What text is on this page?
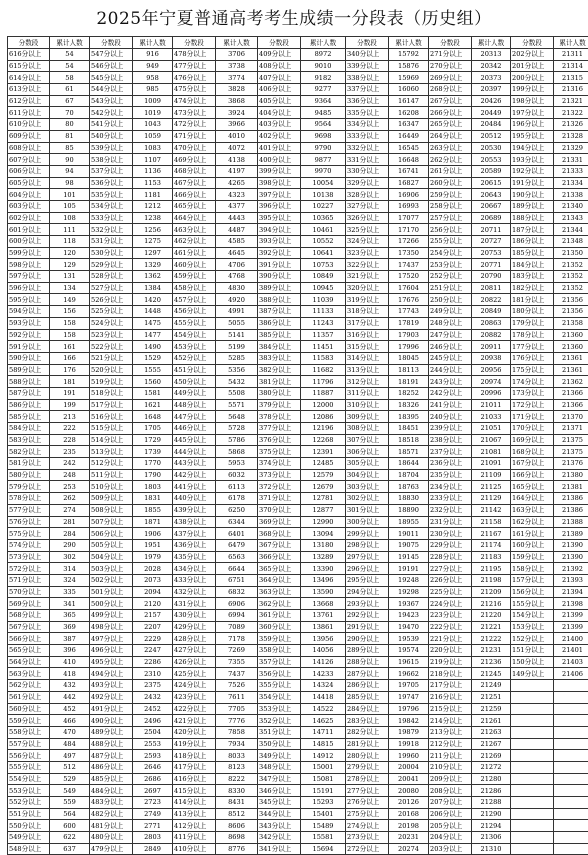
2025年宁夏普通高考考生成绩一分段表（历史组）
分数段	累计人数	分数段	累计人数	分数段	累计人数	分数段	累计人数	分数段	累计人数	分数段	累计人数	分数段	累计人数
616分以上	54	547分以上	916	478分以上	3706	409分以上	8972	340分以上	15792	271分以上	20313	202分以上	21311
615分以上	54	546分以上	949	477分以上	3738	408分以上	9010	339分以上	15876	270分以上	20342	201分以上	21314
614分以上	58	545分以上	958	476分以上	3774	407分以上	9182	338分以上	15969	269分以上	20373	200分以上	21315
613分以上	61	544分以上	985	475分以上	3828	406分以上	9277	337分以上	16060	268分以上	20397	199分以上	21316
612分以上	67	543分以上	1009	474分以上	3868	405分以上	9364	336分以上	16147	267分以上	20426	198分以上	21321
611分以上	70	542分以上	1019	473分以上	3924	404分以上	9485	335分以上	16208	266分以上	20449	197分以上	21322
610分以上	80	541分以上	1043	472分以上	3966	403分以上	9564	334分以上	16347	265分以上	20484	196分以上	21326
609分以上	81	540分以上	1059	471分以上	4010	402分以上	9698	333分以上	16449	264分以上	20512	195分以上	21328
608分以上	85	539分以上	1083	470分以上	4072	401分以上	9790	332分以上	16545	263分以上	20530	194分以上	21329
607分以上	90	538分以上	1107	469分以上	4138	400分以上	9877	331分以上	16648	262分以上	20553	193分以上	21331
606分以上	94	537分以上	1136	468分以上	4197	399分以上	9970	330分以上	16741	261分以上	20589	192分以上	21333
605分以上	98	536分以上	1153	467分以上	4265	398分以上	10054	329分以上	16827	260分以上	20615	191分以上	21334
604分以上	101	535分以上	1181	466分以上	4323	397分以上	10138	328分以上	16906	259分以上	20643	190分以上	21338
603分以上	105	534分以上	1212	465分以上	4377	396分以上	10227	327分以上	16993	258分以上	20667	189分以上	21340
602分以上	108	533分以上	1238	464分以上	4443	395分以上	10365	326分以上	17077	257分以上	20689	188分以上	21343
601分以上	111	532分以上	1256	463分以上	4487	394分以上	10461	325分以上	17170	256分以上	20711	187分以上	21344
600分以上	118	531分以上	1275	462分以上	4585	393分以上	10552	324分以上	17266	255分以上	20727	186分以上	21348
599分以上	120	530分以上	1297	461分以上	4645	392分以上	10641	323分以上	17350	254分以上	20753	185分以上	21350
598分以上	129	529分以上	1329	460分以上	4706	391分以上	10753	322分以上	17437	253分以上	20771	184分以上	21352
597分以上	131	528分以上	1362	459分以上	4768	390分以上	10849	321分以上	17520	252分以上	20790	183分以上	21352
596分以上	134	527分以上	1384	458分以上	4830	389分以上	10945	320分以上	17604	251分以上	20811	182分以上	21352
595分以上	149	526分以上	1420	457分以上	4920	388分以上	11039	319分以上	17676	250分以上	20822	181分以上	21356
594分以上	156	525分以上	1448	456分以上	4991	387分以上	11133	318分以上	17743	249分以上	20849	180分以上	21356
593分以上	158	524分以上	1475	455分以上	5055	386分以上	11243	317分以上	17819	248分以上	20863	179分以上	21358
592分以上	158	523分以上	1477	454分以上	5141	385分以上	11357	316分以上	17903	247分以上	20882	178分以上	21360
591分以上	161	522分以上	1490	453分以上	5199	384分以上	11451	315分以上	17996	246分以上	20911	177分以上	21360
590分以上	166	521分以上	1529	452分以上	5285	383分以上	11583	314分以上	18045	245分以上	20938	176分以上	21361
589分以上	176	520分以上	1555	451分以上	5356	382分以上	11682	313分以上	18113	244分以上	20956	175分以上	21361
588分以上	181	519分以上	1560	450分以上	5432	381分以上	11796	312分以上	18191	243分以上	20974	174分以上	21362
587分以上	191	518分以上	1581	449分以上	5508	380分以上	11887	311分以上	18252	242分以上	20996	173分以上	21366
586分以上	199	517分以上	1621	448分以上	5571	379分以上	12000	310分以上	18326	241分以上	21011	172分以上	21366
585分以上	213	516分以上	1648	447分以上	5648	378分以上	12086	309分以上	18395	240分以上	21033	171分以上	21370
584分以上	222	515分以上	1705	446分以上	5728	377分以上	12196	308分以上	18451	239分以上	21051	170分以上	21371
583分以上	228	514分以上	1729	445分以上	5786	376分以上	12268	307分以上	18518	238分以上	21067	169分以上	21375
582分以上	235	513分以上	1739	444分以上	5868	375分以上	12391	306分以上	18571	237分以上	21081	168分以上	21375
581分以上	242	512分以上	1770	443分以上	5953	374分以上	12485	305分以上	18644	236分以上	21091	167分以上	21376
580分以上	248	511分以上	1790	442分以上	6032	373分以上	12579	304分以上	18704	235分以上	21109	166分以上	21380
579分以上	253	510分以上	1803	441分以上	6113	372分以上	12679	303分以上	18763	234分以上	21125	165分以上	21381
578分以上	262	509分以上	1831	440分以上	6178	371分以上	12781	302分以上	18830	233分以上	21129	164分以上	21386
577分以上	274	508分以上	1855	439分以上	6250	370分以上	12877	301分以上	18890	232分以上	21142	163分以上	21386
576分以上	281	507分以上	1871	438分以上	6344	369分以上	12990	300分以上	18955	231分以上	21158	162分以上	21388
575分以上	284	506分以上	1906	437分以上	6401	368分以上	13094	299分以上	19011	230分以上	21167	161分以上	21389
574分以上	290	505分以上	1951	436分以上	6479	367分以上	13180	298分以上	19075	229分以上	21174	160分以上	21390
573分以上	302	504分以上	1979	435分以上	6563	366分以上	13289	297分以上	19145	228分以上	21183	159分以上	21390
572分以上	314	503分以上	2028	434分以上	6644	365分以上	13390	296分以上	19191	227分以上	21195	158分以上	21392
571分以上	324	502分以上	2073	433分以上	6751	364分以上	13496	295分以上	19248	226分以上	21198	157分以上	21393
570分以上	335	501分以上	2094	432分以上	6832	363分以上	13590	294分以上	19298	225分以上	21209	156分以上	21394
569分以上	341	500分以上	2120	431分以上	6906	362分以上	13668	293分以上	19367	224分以上	21216	155分以上	21398
568分以上	365	499分以上	2157	430分以上	6994	361分以上	13761	292分以上	19423	223分以上	21220	154分以上	21399
567分以上	369	498分以上	2207	429分以上	7089	360分以上	13861	291分以上	19470	222分以上	21221	153分以上	21399
566分以上	387	497分以上	2229	428分以上	7178	359分以上	13956	290分以上	19539	221分以上	21222	152分以上	21400
565分以上	396	496分以上	2247	427分以上	7269	358分以上	14056	289分以上	19574	220分以上	21231	151分以上	21401
564分以上	410	495分以上	2286	426分以上	7355	357分以上	14126	288分以上	19615	219分以上	21236	150分以上	21403
563分以上	418	494分以上	2310	425分以上	7437	356分以上	14233	287分以上	19662	218分以上	21245	149分以上	21406
562分以上	432	493分以上	2375	424分以上	7526	355分以上	14324	286分以上	19705	217分以上	21249		
561分以上	442	492分以上	2432	423分以上	7611	354分以上	14418	285分以上	19747	216分以上	21251		
560分以上	452	491分以上	2452	422分以上	7705	353分以上	14522	284分以上	19796	215分以上	21259		
559分以上	466	490分以上	2496	421分以上	7776	352分以上	14625	283分以上	19842	214分以上	21261		
558分以上	470	489分以上	2504	420分以上	7858	351分以上	14711	282分以上	19879	213分以上	21263		
557分以上	484	488分以上	2553	419分以上	7934	350分以上	14815	281分以上	19918	212分以上	21267		
556分以上	497	487分以上	2593	418分以上	8033	349分以上	14912	280分以上	19960	211分以上	21269		
555分以上	512	486分以上	2646	417分以上	8123	348分以上	15001	279分以上	20004	210分以上	21272		
554分以上	529	485分以上	2686	416分以上	8222	347分以上	15081	278分以上	20041	209分以上	21280		
553分以上	549	484分以上	2697	415分以上	8330	346分以上	15191	277分以上	20080	208分以上	21286		
552分以上	559	483分以上	2723	414分以上	8431	345分以上	15293	276分以上	20126	207分以上	21288		
551分以上	564	482分以上	2749	413分以上	8512	344分以上	15401	275分以上	20168	206分以上	21290		
550分以上	600	481分以上	2771	412分以上	8606	343分以上	15489	274分以上	20198	205分以上	21294		
549分以上	622	480分以上	2803	411分以上	8698	342分以上	15581	273分以上	20231	204分以上	21306		
548分以上	637	479分以上	2849	410分以上	8776	341分以上	15694	272分以上	20274	203分以上	21310		
